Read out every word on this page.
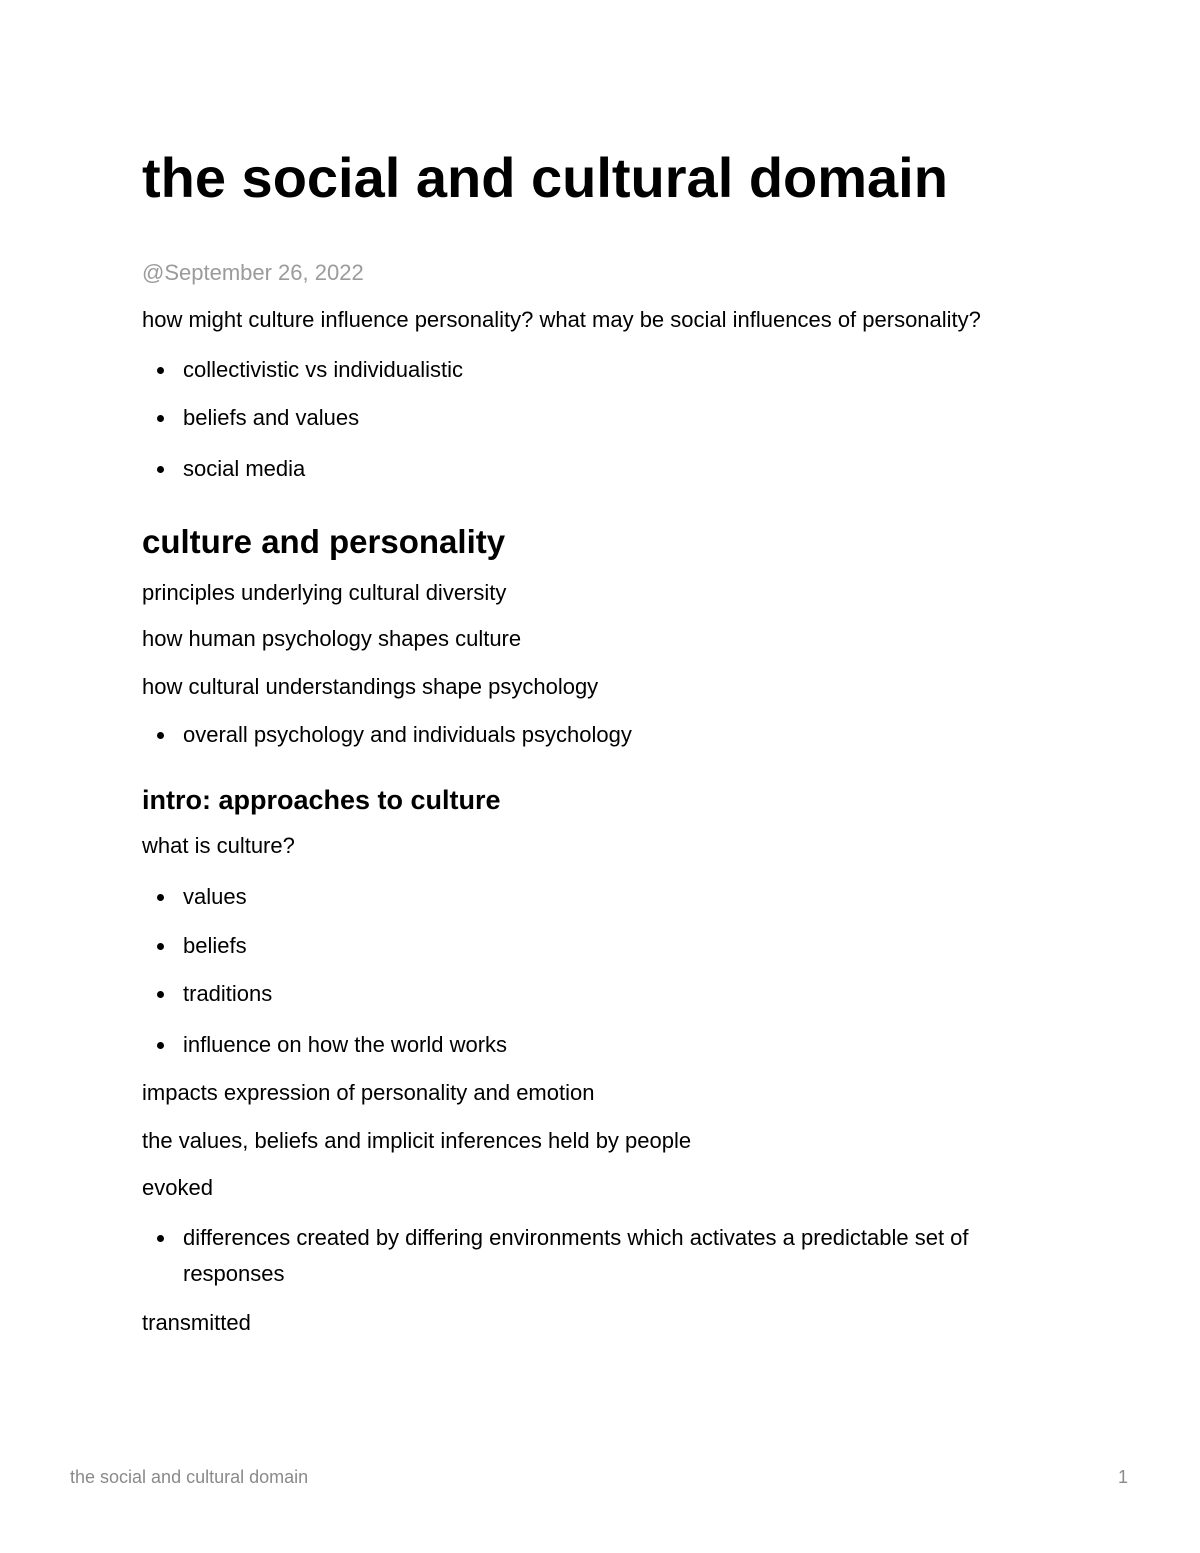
the social and cultural domain
@September 26, 2022

how might culture influence personality? what may be social influences of personality?

collectivistic vs individualistic

beliefs and values

social media

culture and personality

principles underlying cultural diversity

how human psychology shapes culture

how cultural understandings shape psychology

overall psychology and individuals psychology

intro: approaches to culture

what is culture?

values

beliefs

traditions

influence on how the world works

impacts expression of personality and emotion

the values, beliefs and implicit inferences held by people

evoked

differences created by differing environments which activates a predictable set of responses

transmitted

the social and cultural domain	1
